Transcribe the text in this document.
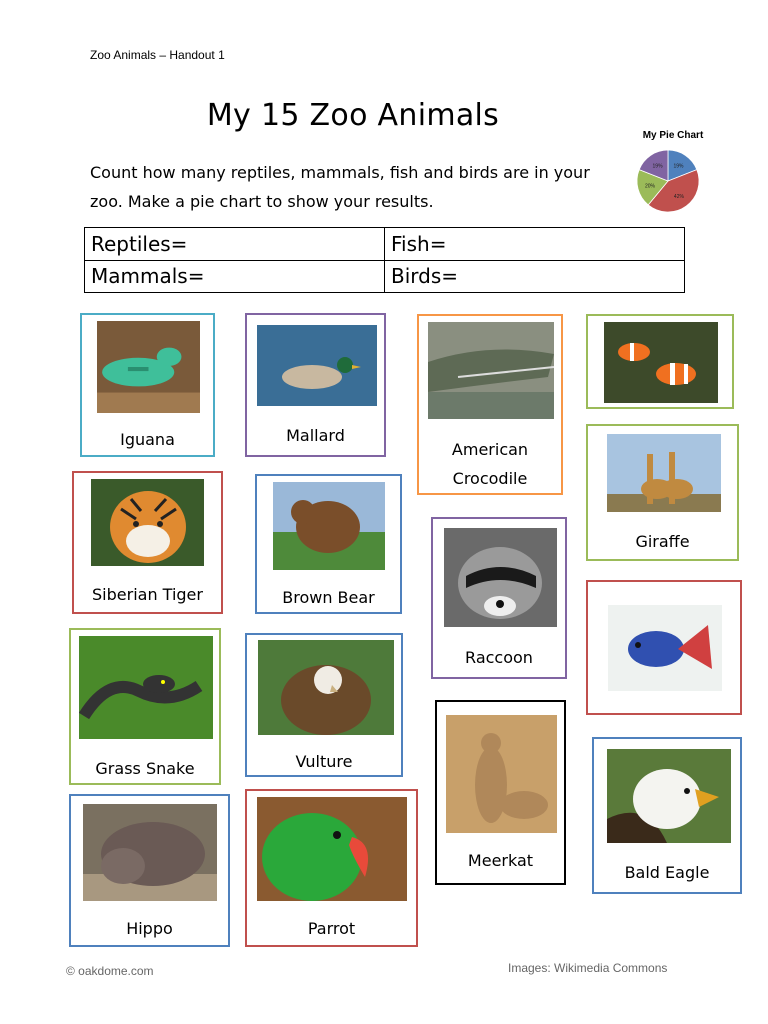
Zoo Animals – Handout 1
My 15 Zoo Animals
Count how many reptiles, mammals, fish and birds are in your
zoo. Make a pie chart to show your results.
My Pie Chart
19%
42%
20%
19%
Reptiles=	Fish=
Mammals=	Birds=
Iguana	Mallard
American
Crocodile
Siberian Tiger	Brown Bear
Giraffe
Raccoon
Grass Snake	Vulture
Meerkat
Bald Eagle
Hippo	Parrot
© oakdome.com	Images: Wikimedia Commons
